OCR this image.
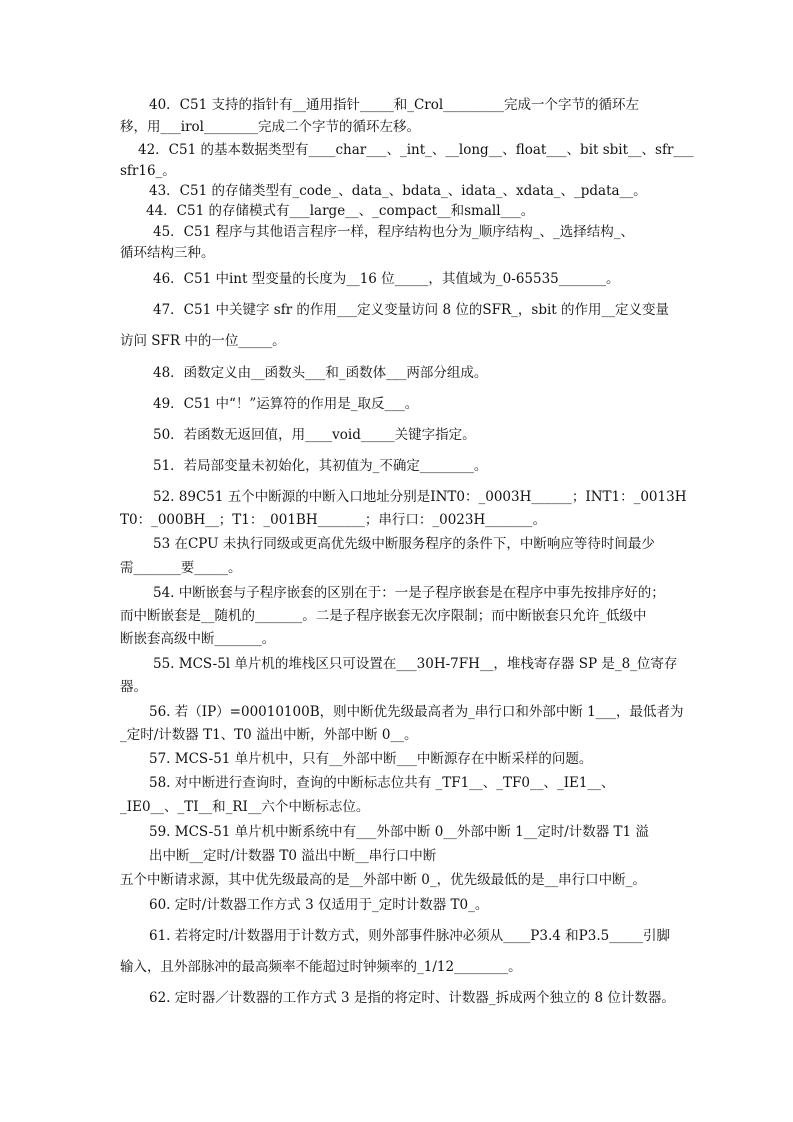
40．C51 支持的指针有__通用指针_____和_Crol_________完成一个字节的循环左
移，用___irol________完成二个字节的循环左移。
42．C51 的基本数据类型有____char___、_int_、__long__、float___、bit sbit__、sfr___
sfr16_。
43．C51 的存储类型有_code_、data_、bdata_、idata_、xdata_、_pdata__。
44．C51 的存储模式有___large__、_compact__和small___。
45．C51 程序与其他语言程序一样，程序结构也分为_顺序结构_、_选择结构_、
循环结构三种。
46．C51 中int 型变量的长度为__16 位_____，其值域为_0-65535_______。
47．C51 中关键字 sfr 的作用___定义变量访问 8 位的SFR_，sbit 的作用__定义变量
访问 SFR 中的一位_____。
48．函数定义由__函数头___和_函数体___两部分组成。
49．C51 中“！”运算符的作用是_取反___。
50．若函数无返回值，用____void_____关键字指定。
51．若局部变量未初始化，其初值为_不确定________。
52. 89C51 五个中断源的中断入口地址分别是INT0：_0003H______；INT1：_0013H
T0：_000BH__；T1：_001BH_______；串行口：_0023H_______。
53 在CPU 未执行同级或更高优先级中断服务程序的条件下，中断响应等待时间最少
需_______要_____。
54. 中断嵌套与子程序嵌套的区别在于：一是子程序嵌套是在程序中事先按排序好的；
而中断嵌套是__随机的_______。二是子程序嵌套无次序限制；而中断嵌套只允许_低级中
断嵌套高级中断_______。
55. MCS-5l 单片机的堆栈区只可设置在___30H-7FH__，堆栈寄存器 SP 是_8_位寄存
器。
56. 若（IP）=00010100B，则中断优先级最高者为_串行口和外部中断 1___，最低者为
_定时/计数器 T1、T0 溢出中断，外部中断 0__。
57. MCS-51 单片机中，只有__外部中断___中断源存在中断采样的问题。
58. 对中断进行查询时，查询的中断标志位共有 _TF1__、_TF0__、_IE1__、
_IE0__、_TI__和_RI__六个中断标志位。
59. MCS-51 单片机中断系统中有___外部中断 0__外部中断 1__定时/计数器 T1 溢
出中断__定时/计数器 T0 溢出中断__串行口中断
五个中断请求源，其中优先级最高的是__外部中断 0_，优先级最低的是__串行口中断_。
60. 定时/计数器工作方式 3 仅适用于_定时计数器 T0_。
61. 若将定时/计数器用于计数方式，则外部事件脉冲必须从____P3.4 和P3.5_____引脚
输入，且外部脉冲的最高频率不能超过时钟频率的_1/12________。
62. 定时器／计数器的工作方式 3 是指的将定时、计数器_拆成两个独立的 8 位计数器。
